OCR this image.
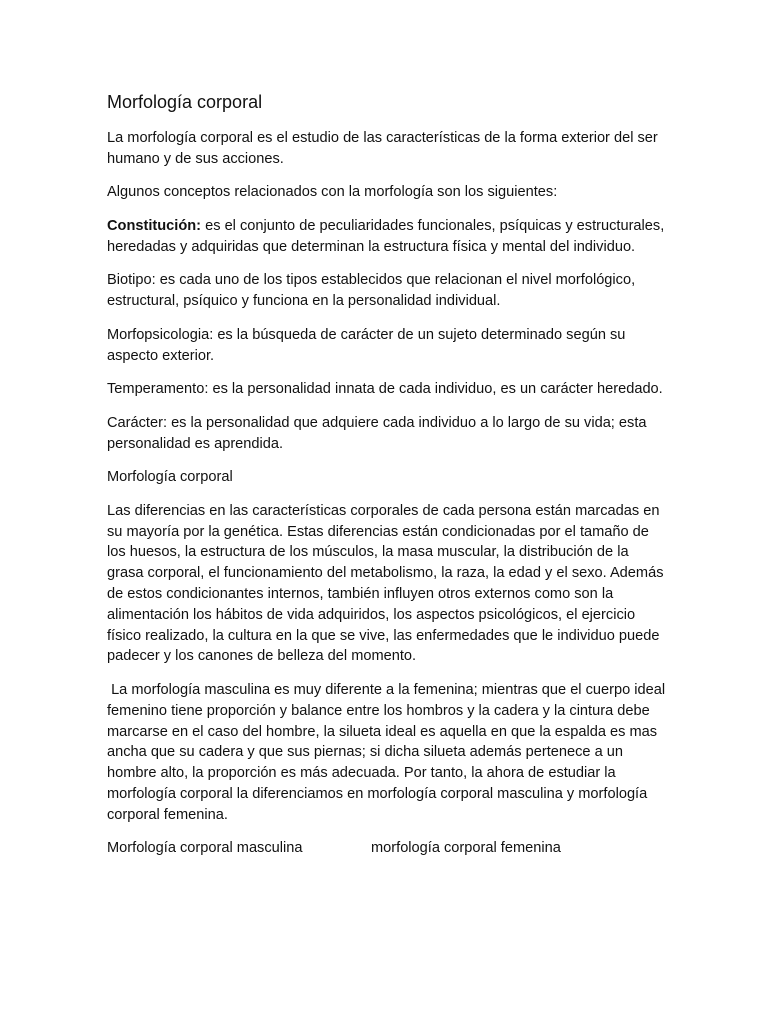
Morfología corporal

La morfología corporal es el estudio de las características de la forma exterior del ser humano y de sus acciones.

Algunos conceptos relacionados con la morfología son los siguientes:

Constitución: es el conjunto de peculiaridades funcionales, psíquicas y estructurales, heredadas y adquiridas que determinan la estructura física y mental del individuo.

Biotipo: es cada uno de los tipos establecidos que relacionan el nivel morfológico, estructural, psíquico y funciona en la personalidad individual.

Morfopsicologia: es la búsqueda de carácter de un sujeto determinado según su aspecto exterior.

Temperamento: es la personalidad innata de cada individuo, es un carácter heredado.

Carácter: es la personalidad que adquiere cada individuo a lo largo de su vida; esta personalidad es aprendida.

Morfología corporal

Las diferencias en las características corporales de cada persona están marcadas en su mayoría por la genética. Estas diferencias están condicionadas por el tamaño de los huesos, la estructura de los músculos, la masa muscular, la distribución de la grasa corporal, el funcionamiento del metabolismo, la raza, la edad y el sexo. Además de estos condicionantes internos, también influyen otros externos como son la alimentación los hábitos de vida adquiridos, los aspectos psicológicos, el ejercicio físico realizado, la cultura en la que se vive, las enfermedades que le individuo puede padecer y los canones de belleza del momento.

La morfología masculina es muy diferente a la femenina; mientras que el cuerpo ideal femenino tiene proporción y balance entre los hombros y la cadera y la cintura debe marcarse en el caso del hombre, la silueta ideal es aquella en que la espalda es mas ancha que su cadera y que sus piernas; si dicha silueta además pertenece a un hombre alto, la proporción es más adecuada. Por tanto, la ahora de estudiar la morfología corporal la diferenciamos en morfología corporal masculina y morfología corporal femenina.

Morfología corporal masculina	morfología corporal femenina
